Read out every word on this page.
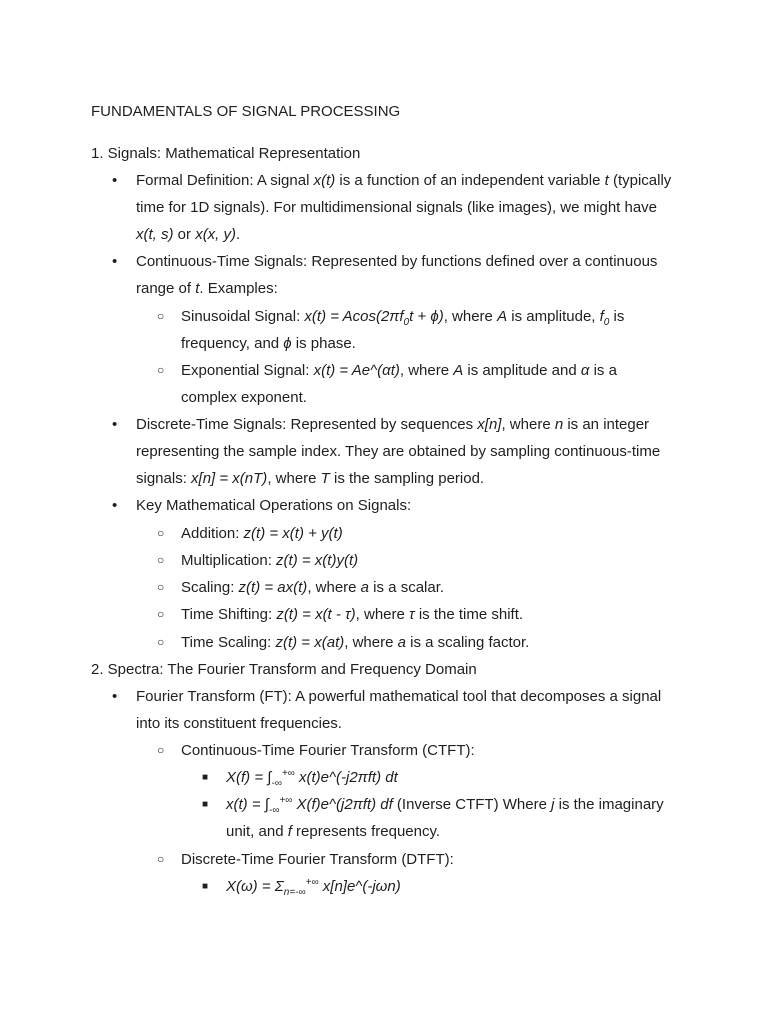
FUNDAMENTALS OF SIGNAL PROCESSING
1. Signals: Mathematical Representation
• Formal Definition: A signal x(t) is a function of an independent variable t (typically
time for 1D signals). For multidimensional signals (like images), we might have
x(t, s) or x(x, y).
• Continuous-Time Signals: Represented by functions defined over a continuous
range of t. Examples:
○ Sinusoidal Signal: $x(t) = Acos(2\pi f_0t + \phi)$, where A is amplitude, $f_0$ is
frequency, and ϕ is phase.
○ Exponential Signal: x(t) = Ae^(αt), where A is amplitude and α is a
complex exponent.
• Discrete-Time Signals: Represented by sequences x[n], where n is an integer
representing the sample index. They are obtained by sampling continuous-time
signals: x[n] = x(nT), where T is the sampling period.
• Key Mathematical Operations on Signals:
○ Addition: z(t) = x(t) + y(t)
○ Multiplication: z(t) = x(t)y(t)
○ Scaling: z(t) = ax(t), where a is a scalar.
○ Time Shifting: z(t) = x(t - τ), where τ is the time shift.
○ Time Scaling: z(t) = x(at), where a is a scaling factor.
2. Spectra: The Fourier Transform and Frequency Domain
• Fourier Transform (FT): A powerful mathematical tool that decomposes a signal
into its constituent frequencies.
○ Continuous-Time Fourier Transform (CTFT):
■ $X(f) = \int_{-\infty}^{+\infty}$ x(t)e^(-j2πft) dt
■ $x(t) = \int_{-\infty}^{+\infty}$ X(f)e^(j2πft) df (Inverse CTFT) Where j is the imaginary
unit, and f represents frequency.
○ Discrete-Time Fourier Transform (DTFT):
■ $X(\omega) = \Sigma_{n=-\infty}^{+\infty}$ x[n]e^(-jωn)
